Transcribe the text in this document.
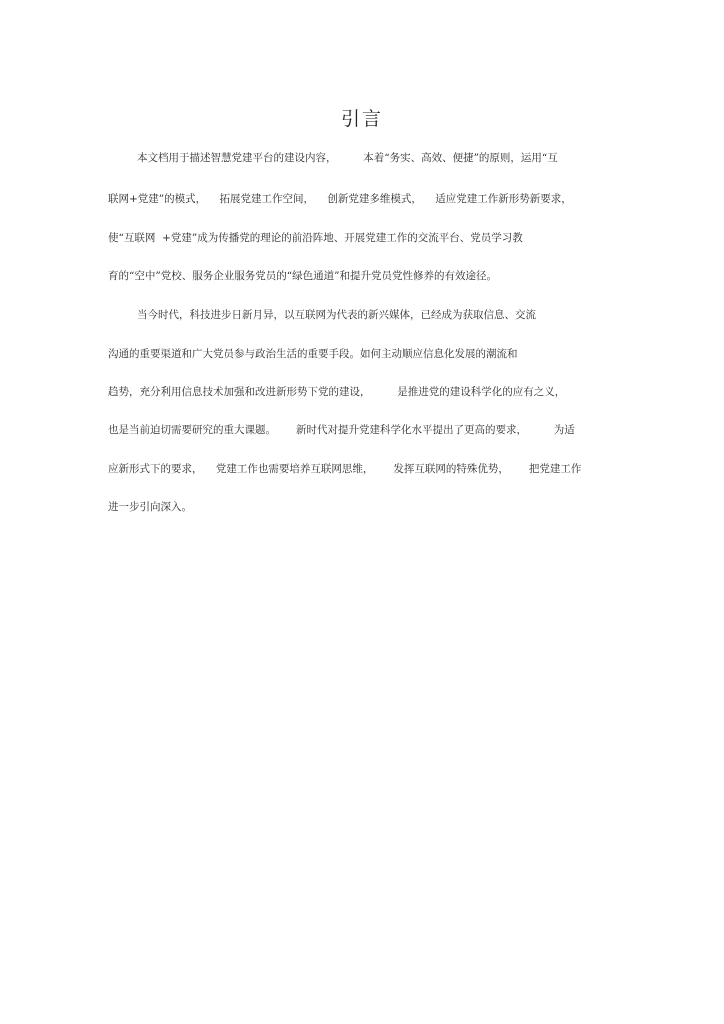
引言
本文档用于描述智慧党建平台的建设内容，        本着“务实、高效、便捷”的原则，运用“互
联网+党建”的模式，    拓展党建工作空间，    创新党建多维模式，    适应党建工作新形势新要求，
使“互联网  +党建”成为传播党的理论的前沿阵地、开展党建工作的交流平台、党员学习教
育的“空中”党校、服务企业服务党员的“绿色通道”和提升党员党性修养的有效途径。
当今时代，科技进步日新月异，以互联网为代表的新兴媒体，已经成为获取信息、交流
沟通的重要渠道和广大党员参与政治生活的重要手段。如何主动顺应信息化发展的潮流和
趋势，充分利用信息技术加强和改进新形势下党的建设，        是推进党的建设科学化的应有之义，
也是当前迫切需要研究的重大课题。      新时代对提升党建科学化水平提出了更高的要求，        为适
应新形式下的要求，    党建工作也需要培养互联网思维，      发挥互联网的特殊优势，      把党建工作
进一步引向深入。
